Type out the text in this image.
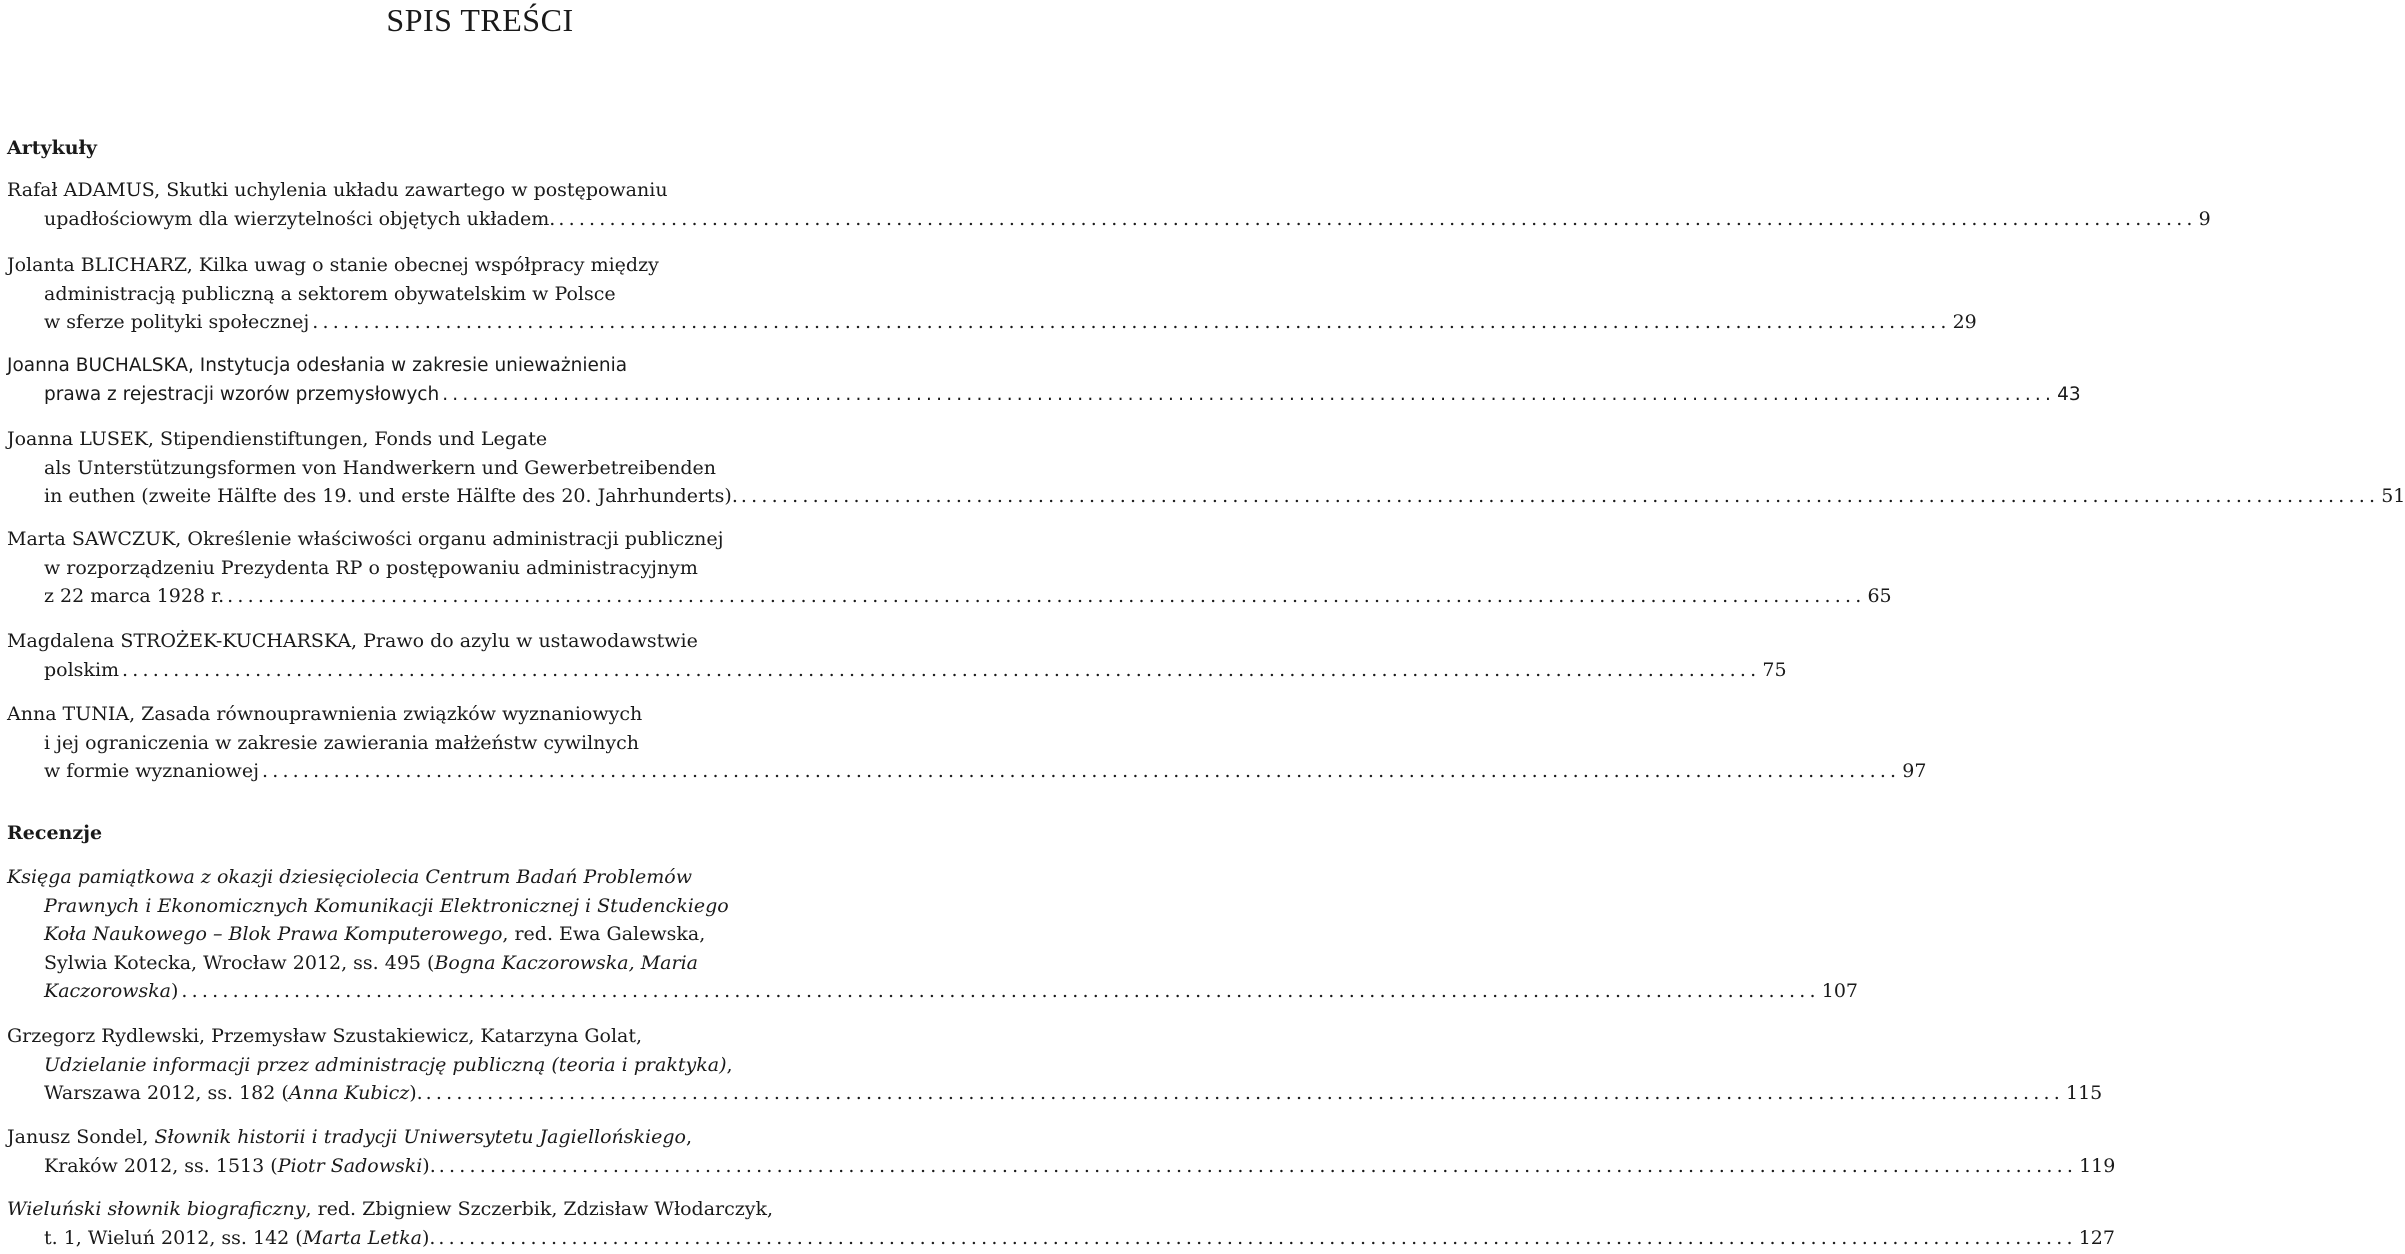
SPIS TREŚCI
Artykuły
Rafał ADAMUS, Skutki uchylenia układu zawartego w postępowaniu
upadłościowym dla wierzytelności objętych układem. ................................................................................................................................................................ 9
Jolanta BLICHARZ, Kilka uwag o stanie obecnej współpracy między
administracją publiczną a sektorem obywatelskim w Polsce
w sferze polityki społecznej ................................................................................................................................................................ 29
Joanna BUCHALSKA, Instytucja odesłania w zakresie unieważnienia
prawa z rejestracji wzorów przemysłowych ................................................................................................................................................................ 43
Joanna LUSEK, Stipendienstiftungen, Fonds und Legate
als Unterstützungsformen von Handwerkern und Gewerbetreibenden
in euthen (zweite Hälfte des 19. und erste Hälfte des 20. Jahrhunderts). ................................................................................................................................................................ 51
Marta SAWCZUK, Określenie właściwości organu administracji publicznej
w rozporządzeniu Prezydenta RP o postępowaniu administracyjnym
z 22 marca 1928 r. ................................................................................................................................................................ 65
Magdalena STROŻEK-KUCHARSKA, Prawo do azylu w ustawodawstwie
polskim ................................................................................................................................................................ 75
Anna TUNIA, Zasada równouprawnienia związków wyznaniowych
i jej ograniczenia w zakresie zawierania małżeństw cywilnych
w formie wyznaniowej ................................................................................................................................................................ 97
Recenzje
Księga pamiątkowa z okazji dziesięciolecia Centrum Badań Problemów
Prawnych i Ekonomicznych Komunikacji Elektronicznej i Studenckiego
Koła Naukowego – Blok Prawa Komputerowego, red. Ewa Galewska,
Sylwia Kotecka, Wrocław 2012, ss. 495 (Bogna Kaczorowska, Maria
Kaczorowska) ................................................................................................................................................................ 107
Grzegorz Rydlewski, Przemysław Szustakiewicz, Katarzyna Golat,
Udzielanie informacji przez administrację publiczną (teoria i praktyka),
Warszawa 2012, ss. 182 (Anna Kubicz). ................................................................................................................................................................ 115
Janusz Sondel, Słownik historii i tradycji Uniwersytetu Jagiellońskiego,
Kraków 2012, ss. 1513 (Piotr Sadowski). ................................................................................................................................................................ 119
Wieluński słownik biograficzny, red. Zbigniew Szczerbik, Zdzisław Włodarczyk,
t. 1, Wieluń 2012, ss. 142 (Marta Letka). ................................................................................................................................................................ 127
